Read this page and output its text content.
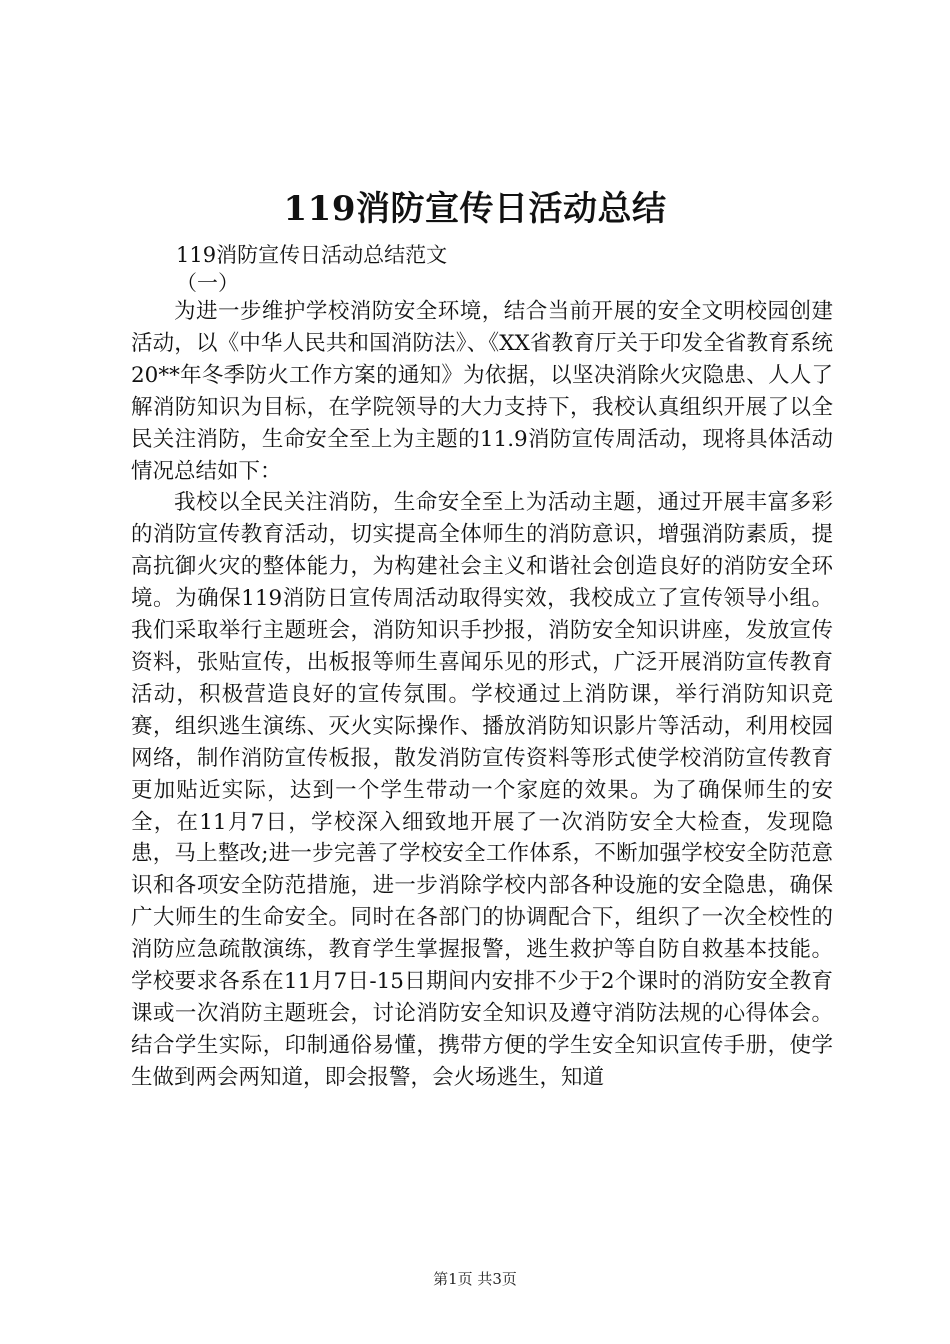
119消防宣传日活动总结
119消防宣传日活动总结范文
（一）

为进一步维护学校消防安全环境，结合当前开展的安全文明校园创建活动，以《中华人民共和国消防法》、《XX省教育厅关于印发全省教育系统20**年冬季防火工作方案的通知》为依据，以坚决消除火灾隐患、人人了解消防知识为目标，在学院领导的大力支持下，我校认真组织开展了以全民关注消防，生命安全至上为主题的11.9消防宣传周活动，现将具体活动情况总结如下：

我校以全民关注消防，生命安全至上为活动主题，通过开展丰富多彩的消防宣传教育活动，切实提高全体师生的消防意识，增强消防素质，提高抗御火灾的整体能力，为构建社会主义和谐社会创造良好的消防安全环境。为确保119消防日宣传周活动取得实效，我校成立了宣传领导小组。我们采取举行主题班会，消防知识手抄报，消防安全知识讲座，发放宣传资料，张贴宣传，出板报等师生喜闻乐见的形式，广泛开展消防宣传教育活动，积极营造良好的宣传氛围。学校通过上消防课，举行消防知识竞赛，组织逃生演练、灭火实际操作、播放消防知识影片等活动，利用校园网络，制作消防宣传板报，散发消防宣传资料等形式使学校消防宣传教育更加贴近实际，达到一个学生带动一个家庭的效果。为了确保师生的安全，在11月7日，学校深入细致地开展了一次消防安全大检查，发现隐患，马上整改;进一步完善了学校安全工作体系，不断加强学校安全防范意识和各项安全防范措施，进一步消除学校内部各种设施的安全隐患，确保广大师生的生命安全。同时在各部门的协调配合下，组织了一次全校性的消防应急疏散演练，教育学生掌握报警，逃生救护等自防自救基本技能。学校要求各系在11月7日-15日期间内安排不少于2个课时的消防安全教育课或一次消防主题班会，讨论消防安全知识及遵守消防法规的心得体会。结合学生实际，印制通俗易懂，携带方便的学生安全知识宣传手册，使学生做到两会两知道，即会报警，会火场逃生，知道

第1页 共3页
